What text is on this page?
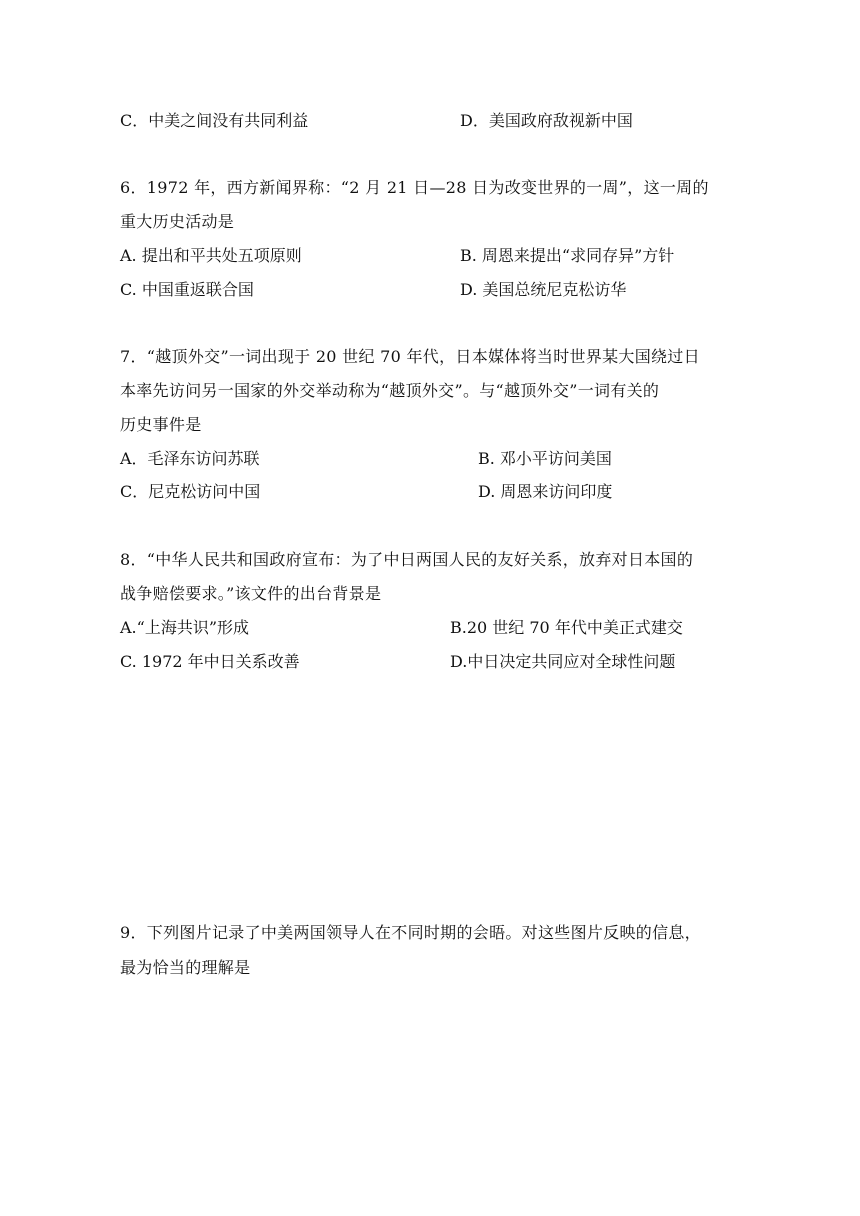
C．中美之间没有共同利益	D．美国政府敌视新中国
6．1972 年，西方新闻界称：“2 月 21 日—28 日为改变世界的一周”，这一周的
重大历史活动是
A. 提出和平共处五项原则	B. 周恩来提出“求同存异”方针
C. 中国重返联合国	D. 美国总统尼克松访华
7．“越顶外交”一词出现于 20 世纪 70 年代，日本媒体将当时世界某大国绕过日
本率先访问另一国家的外交举动称为“越顶外交”。与“越顶外交”一词有关的
历史事件是
A．毛泽东访问苏联	B. 邓小平访问美国
C．尼克松访问中国	D. 周恩来访问印度
8．“中华人民共和国政府宣布：为了中日两国人民的友好关系，放弃对日本国的
战争赔偿要求。”该文件的出台背景是
A.“上海共识”形成	B.20 世纪 70 年代中美正式建交
C. 1972 年中日关系改善	D.中日决定共同应对全球性问题
9．下列图片记录了中美两国领导人在不同时期的会晤。对这些图片反映的信息，
最为恰当的理解是
